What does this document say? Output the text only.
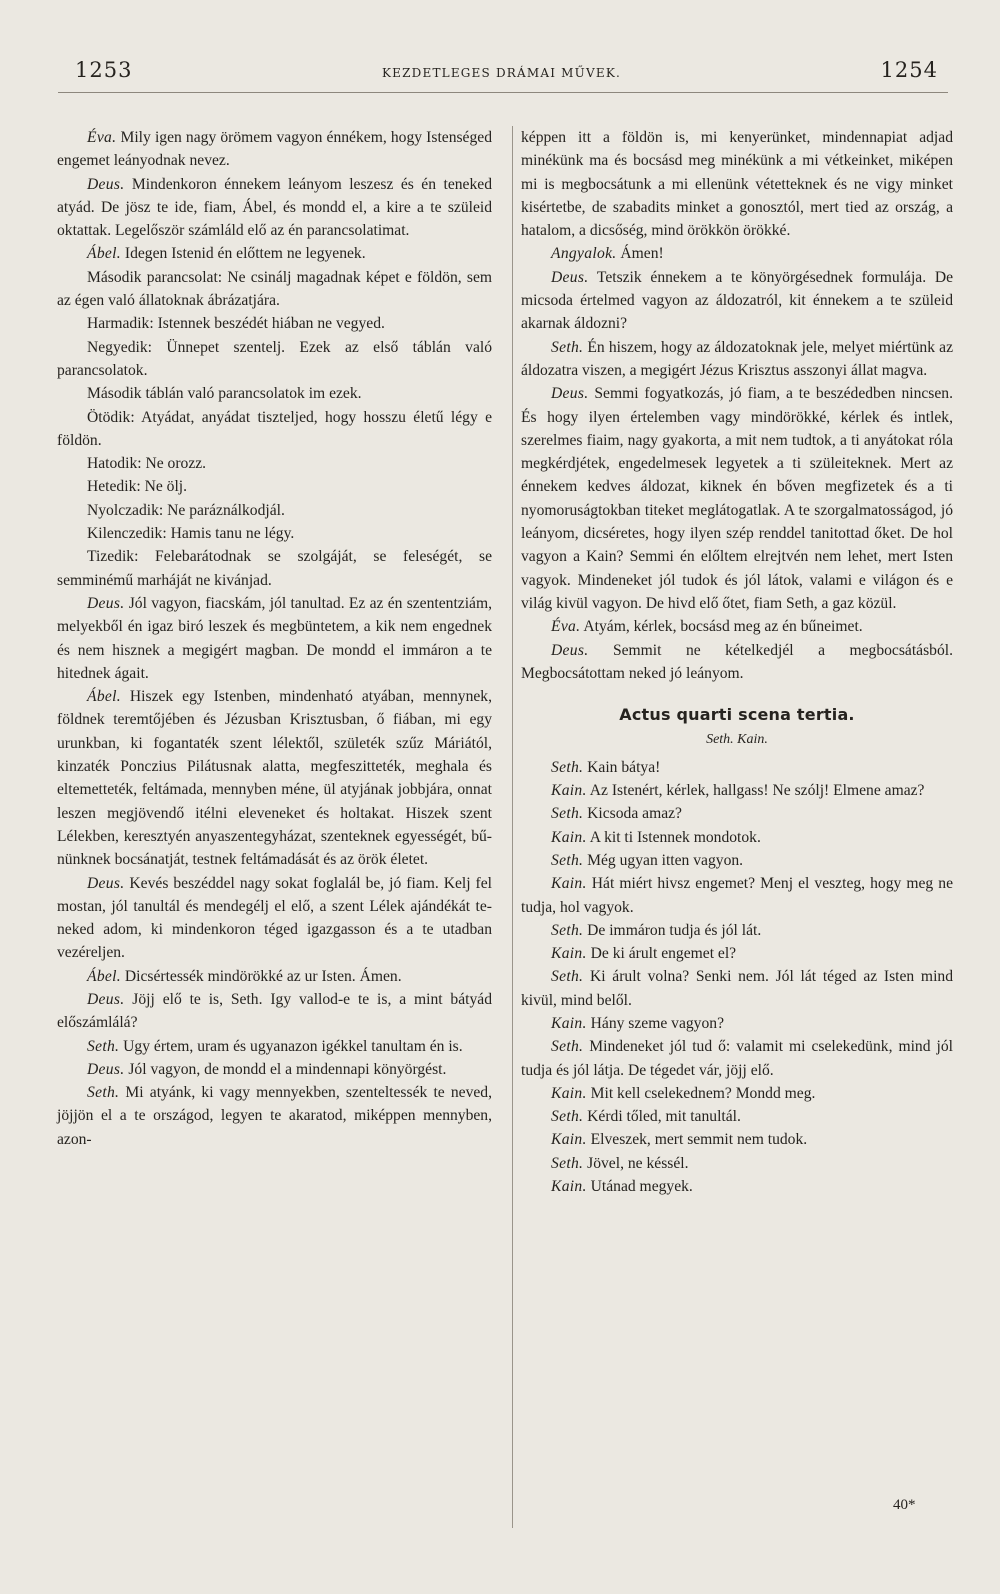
1253	KEZDETLEGES DRÁMAI MŰVEK.	1254

Éva. Mily igen nagy örömem vagyon énnékem, hogy Istenséged engemet leányodnak nevez.

Deus. Mindenkoron énnekem leányom leszesz és én teneked atyád. De jösz te ide, fiam, Ábel, és mondd el, a kire a te szüleid oktattak. Legelőször számláld elő az én parancsolatimat.

Ábel. Idegen Istenid én előttem ne legyenek.

Második parancsolat: Ne csinálj magadnak képet e földön, sem az égen való állatoknak ábrázatjára.

Harmadik: Istennek beszédét hiában ne vegyed.

Negyedik: Ünnepet szentelj. Ezek az első táblán való parancsolatok.

Második táblán való parancsolatok im ezek.

Ötödik: Atyádat, anyádat tiszteljed, hogy hosszu életű légy e földön.

Hatodik: Ne orozz.

Hetedik: Ne ölj.

Nyolczadik: Ne paráználkodjál.

Kilenczedik: Hamis tanu ne légy.

Tizedik: Felebarátodnak se szolgáját, se feleségét, se semminémű marháját ne kivánjad.

Deus. Jól vagyon, fiacskám, jól tanultad. Ez az én szententziám, melyekből én igaz biró leszek és megbüntetem, a kik nem engednek és nem hisznek a megigért magban. De mondd el immáron a te hitednek ágait.

Ábel. Hiszek egy Istenben, mindenható atyában, mennynek, földnek teremtőjében és Jézusban Krisztusban, ő fiában, mi egy urunkban, ki fogantaték szent lélektől, születék szűz Máriától, kinzaték Ponczius Pilátusnak alatta, megfeszitteték, meghala és eltemetteték, feltámada, mennyben méne, ül atyjának jobbjára, onnat leszen megjövendő itélni eleveneket és holtakat. Hiszek szent Lélekben, keresztyén anyaszentegyházat, szenteknek egyességét, bűnünknek bocsánatját, testnek feltámadását és az örök életet.

Deus. Kevés beszéddel nagy sokat foglalál be, jó fiam. Kelj fel mostan, jól tanultál és mendegélj el elő, a szent Lélek ajándékát teneked adom, ki mindenkoron téged igazgasson és a te utadban vezéreljen.

Ábel. Dicsértessék mindörökké az ur Isten. Ámen.

Deus. Jöjj elő te is, Seth. Igy vallod-e te is, a mint bátyád előszámlálá?

Seth. Ugy értem, uram és ugyanazon igékkel tanultam én is.

Deus. Jól vagyon, de mondd el a mindennapi könyörgést.

Seth. Mi atyánk, ki vagy mennyekben, szenteltessék te neved, jöjjön el a te országod, legyen te akaratod, miképpen mennyben, azon-

képpen itt a földön is, mi kenyerünket, mindennapiat adjad minékünk ma és bocsásd meg minékünk a mi vétkeinket, miképen mi is megbocsátunk a mi ellenünk vétetteknek és ne vigy minket kisértetbe, de szabadits minket a gonosztól, mert tied az ország, a hatalom, a dicsőség, mind örökkön örökké.

Angyalok. Ámen!

Deus. Tetszik énnekem a te könyörgésednek formulája. De micsoda értelmed vagyon az áldozatról, kit énnekem a te szüleid akarnak áldozni?

Seth. Én hiszem, hogy az áldozatoknak jele, melyet miértünk az áldozatra viszen, a megigért Jézus Krisztus asszonyi állat magva.

Deus. Semmi fogyatkozás, jó fiam, a te beszédedben nincsen. És hogy ilyen értelemben vagy mindörökké, kérlek és intlek, szerelmes fiaim, nagy gyakorta, a mit nem tudtok, a ti anyátokat róla megkérdjétek, engedelmesek legyetek a ti szüleiteknek. Mert az énnekem kedves áldozat, kiknek én bőven megfizetek és a ti nyomoruságtokban titeket meglátogatlak. A te szorgalmatosságod, jó leányom, dicséretes, hogy ilyen szép renddel tanitottad őket. De hol vagyon a Kain? Semmi én előltem elrejtvén nem lehet, mert Isten vagyok. Mindeneket jól tudok és jól látok, valami e világon és e világ kivül vagyon. De hivd elő őtet, fiam Seth, a gaz közül.

Éva. Atyám, kérlek, bocsásd meg az én bűneimet.

Deus. Semmit ne kételkedjél a megbocsátásból. Megbocsátottam neked jó leányom.

Actus quarti scena tertia.
Seth. Kain.

Seth. Kain bátya!

Kain. Az Istenért, kérlek, hallgass! Ne szólj! Elmene amaz?

Seth. Kicsoda amaz?

Kain. A kit ti Istennek mondotok.

Seth. Még ugyan itten vagyon.

Kain. Hát miért hivsz engemet? Menj el veszteg, hogy meg ne tudja, hol vagyok.

Seth. De immáron tudja és jól lát.

Kain. De ki árult engemet el?

Seth. Ki árult volna? Senki nem. Jól lát téged az Isten mind kivül, mind belől.

Kain. Hány szeme vagyon?

Seth. Mindeneket jól tud ő: valamit mi cselekedünk, mind jól tudja és jól látja. De tégedet vár, jöjj elő.

Kain. Mit kell cselekednem? Mondd meg.

Seth. Kérdi tőled, mit tanultál.

Kain. Elveszek, mert semmit nem tudok.

Seth. Jövel, ne késsél.

Kain. Utánad megyek.

40*
